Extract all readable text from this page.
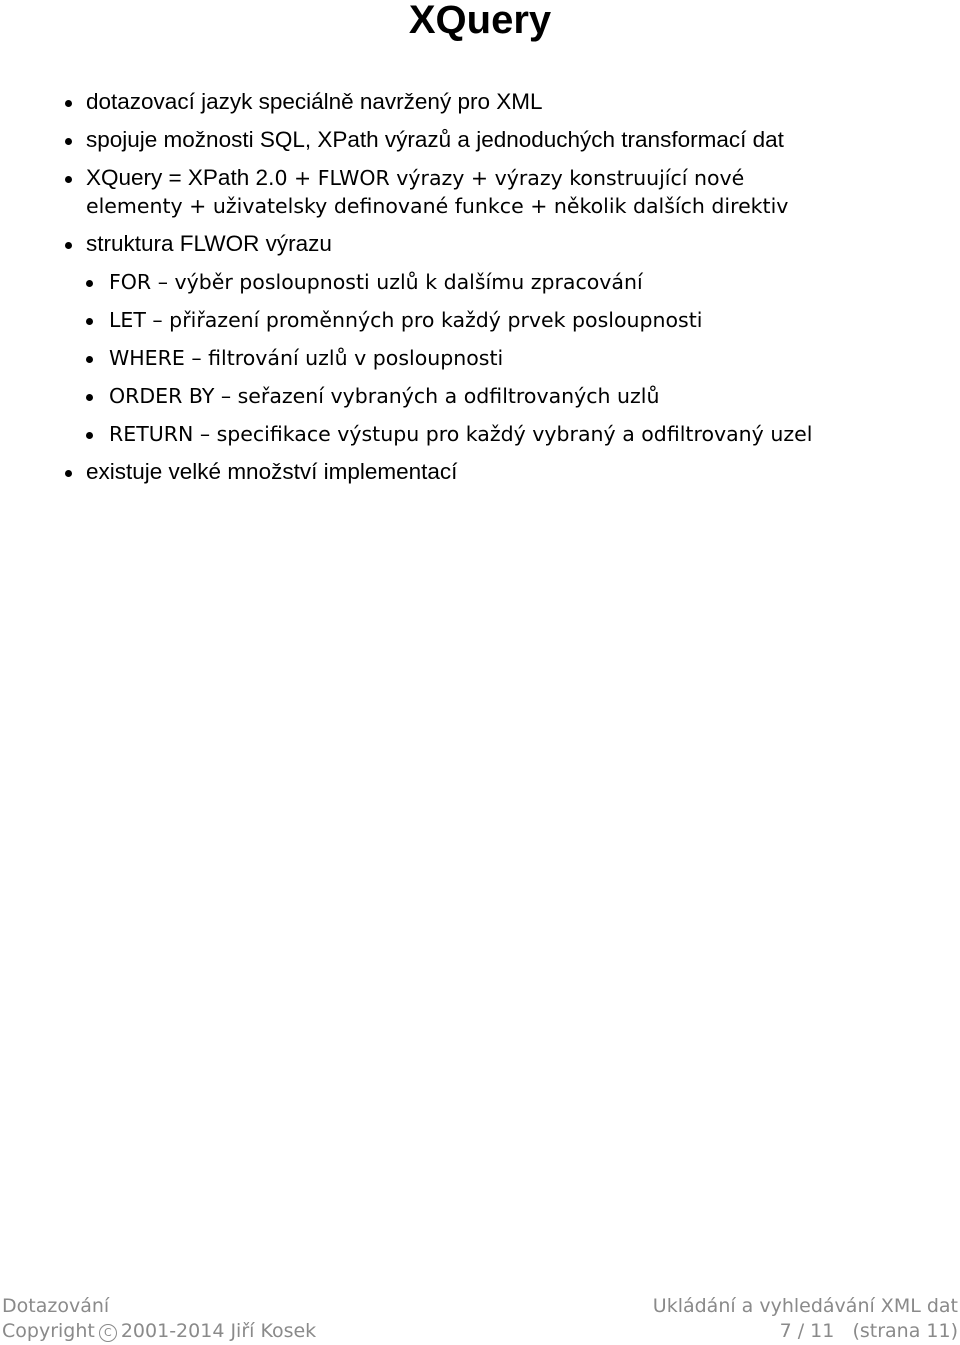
XQuery
dotazovací jazyk speciálně navržený pro XML
spojuje možnosti SQL, XPath výrazů a jednoduchých transformací dat
XQuery = XPath 2.0 + FLWOR výrazy + výrazy konstruující nové
elementy + uživatelsky definované funkce + několik dalších direktiv
struktura FLWOR výrazu
FOR – výběr posloupnosti uzlů k dalšímu zpracování
LET – přiřazení proměnných pro každý prvek posloupnosti
WHERE – filtrování uzlů v posloupnosti
ORDER BY – seřazení vybraných a odfiltrovaných uzlů
RETURN – specifikace výstupu pro každý vybraný a odfiltrovaný uzel
existuje velké množství implementací
Dotazování	Ukládání a vyhledávání XML dat
Copyright C 2001-2014 Jiří Kosek	7 / 11 (strana 11)
